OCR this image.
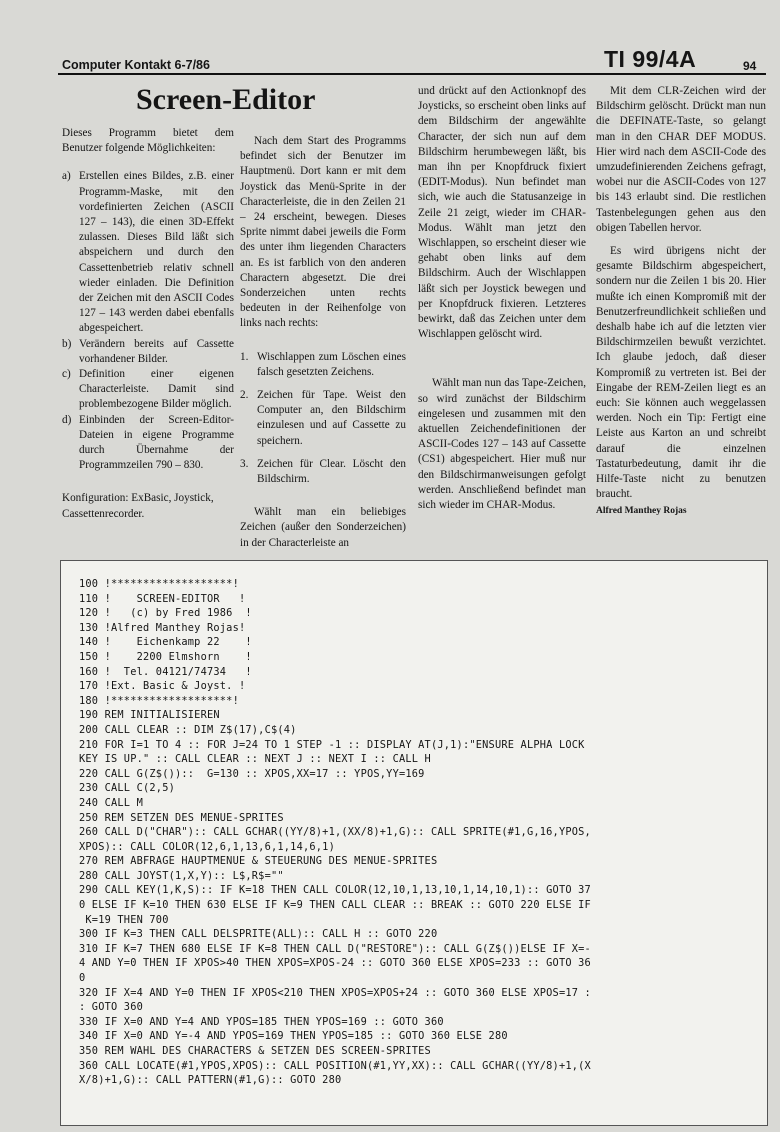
Computer Kontakt 6-7/86	TI 99/4A	94
Screen-Editor

Dieses Programm bietet dem Benutzer folgende Möglichkeiten:

a) Erstellen eines Bildes, z.B. einer Programm-Maske, mit den vordefinierten Zeichen (ASCII 127 – 143), die einen 3D-Effekt zulassen. Dieses Bild läßt sich abspeichern und durch den Cassettenbetrieb relativ schnell wieder einladen. Die Definition der Zeichen mit den ASCII Codes 127 – 143 werden dabei ebenfalls abgespeichert.
b) Verändern bereits auf Cassette vorhandener Bilder.
c) Definition einer eigenen Characterleiste. Damit sind problembezogene Bilder möglich.
d) Einbinden der Screen-Editor-Dateien in eigene Programme durch Übernahme der Programmzeilen 790 – 830.

Konfiguration: ExBasic, Joystick, Cassettenrecorder.

Nach dem Start des Programms befindet sich der Benutzer im Hauptmenü. Dort kann er mit dem Joystick das Menü-Sprite in der Characterleiste, die in den Zeilen 21 – 24 erscheint, bewegen. Dieses Sprite nimmt dabei jeweils die Form des unter ihm liegenden Characters an. Es ist farblich von den anderen Charactern abgesetzt. Die drei Sonderzeichen unten rechts bedeuten in der Reihenfolge von links nach rechts:

1. Wischlappen zum Löschen eines falsch gesetzten Zeichens.
2. Zeichen für Tape. Weist den Computer an, den Bildschirm einzulesen und auf Cassette zu speichern.
3. Zeichen für Clear. Löscht den Bildschirm.

Wählt man ein beliebiges Zeichen (außer den Sonderzeichen) in der Characterleiste an

und drückt auf den Actionknopf des Joysticks, so erscheint oben links auf dem Bildschirm der angewählte Character, der sich nun auf dem Bildschirm herumbewegen läßt, bis man ihn per Knopfdruck fixiert (EDIT-Modus). Nun befindet man sich, wie auch die Statusanzeige in Zeile 21 zeigt, wieder im CHAR-Modus. Wählt man jetzt den Wischlappen, so erscheint dieser wie gehabt oben links auf dem Bildschirm. Auch der Wischlappen läßt sich per Joystick bewegen und per Knopfdruck fixieren. Letzteres bewirkt, daß das Zeichen unter dem Wischlappen gelöscht wird.

Wählt man nun das Tape-Zeichen, so wird zunächst der Bildschirm eingelesen und zusammen mit den aktuellen Zeichendefinitionen der ASCII-Codes 127 – 143 auf Cassette (CS1) abgespeichert. Hier muß nur den Bildschirmanweisungen gefolgt werden. Anschließend befindet man sich wieder im CHAR-Modus.

Mit dem CLR-Zeichen wird der Bildschirm gelöscht. Drückt man nun die DEFINATE-Taste, so gelangt man in den CHAR DEF MODUS. Hier wird nach dem ASCII-Code des umzudefinierenden Zeichens gefragt, wobei nur die ASCII-Codes von 127 bis 143 erlaubt sind. Die restlichen Tastenbelegungen gehen aus den obigen Tabellen hervor.

Es wird übrigens nicht der gesamte Bildschirm abgespeichert, sondern nur die Zeilen 1 bis 20. Hier mußte ich einen Kompromiß mit der Benutzerfreundlichkeit schließen und deshalb habe ich auf die letzten vier Bildschirmzeilen bewußt verzichtet. Ich glaube jedoch, daß dieser Kompromiß zu vertreten ist. Bei der Eingabe der REM-Zeilen liegt es an euch: Sie können auch weggelassen werden. Noch ein Tip: Fertigt eine Leiste aus Karton an und schreibt darauf die einzelnen Tastaturbedeutung, damit ihr die Hilfe-Taste nicht zu benutzen braucht.

Alfred Manthey Rojas
100 !*******************!
110 !    SCREEN-EDITOR   !
120 !   (c) by Fred 1986  !
130 !Alfred Manthey Rojas!
140 !    Eichenkamp 22    !
150 !    2200 Elmshorn    !
160 !  Tel. 04121/74734   !
170 !Ext. Basic & Joyst. !
180 !*******************!
190 REM INITIALISIEREN
200 CALL CLEAR :: DIM Z$(17),C$(4)
210 FOR I=1 TO 4 :: FOR J=24 TO 1 STEP -1 :: DISPLAY AT(J,1):"ENSURE ALPHA LOCK
KEY IS UP." :: CALL CLEAR :: NEXT J :: NEXT I :: CALL H
220 CALL G(Z$())::  G=130 :: XPOS,XX=17 :: YPOS,YY=169
230 CALL C(2,5)
240 CALL M
250 REM SETZEN DES MENUE-SPRITES
260 CALL D("CHAR"):: CALL GCHAR((YY/8)+1,(XX/8)+1,G):: CALL SPRITE(#1,G,16,YPOS,
XPOS):: CALL COLOR(12,6,1,13,6,1,14,6,1)
270 REM ABFRAGE HAUPTMENUE & STEUERUNG DES MENUE-SPRITES
280 CALL JOYST(1,X,Y):: L$,R$=""
290 CALL KEY(1,K,S):: IF K=18 THEN CALL COLOR(12,10,1,13,10,1,14,10,1):: GOTO 37
0 ELSE IF K=10 THEN 630 ELSE IF K=9 THEN CALL CLEAR :: BREAK :: GOTO 220 ELSE IF
K=19 THEN 700
300 IF K=3 THEN CALL DELSPRITE(ALL):: CALL H :: GOTO 220
310 IF K=7 THEN 680 ELSE IF K=8 THEN CALL D("RESTORE"):: CALL G(Z$())ELSE IF X=-
4 AND Y=0 THEN IF XPOS>40 THEN XPOS=XPOS-24 :: GOTO 360 ELSE XPOS=233 :: GOTO 36
0
320 IF X=4 AND Y=0 THEN IF XPOS<210 THEN XPOS=XPOS+24 :: GOTO 360 ELSE XPOS=17 :
: GOTO 360
330 IF X=0 AND Y=4 AND YPOS=185 THEN YPOS=169 :: GOTO 360
340 IF X=0 AND Y=-4 AND YPOS=169 THEN YPOS=185 :: GOTO 360 ELSE 280
350 REM WAHL DES CHARACTERS & SETZEN DES SCREEN-SPRITES
360 CALL LOCATE(#1,YPOS,XPOS):: CALL POSITION(#1,YY,XX):: CALL GCHAR((YY/8)+1,(X
X/8)+1,G):: CALL PATTERN(#1,G):: GOTO 280
